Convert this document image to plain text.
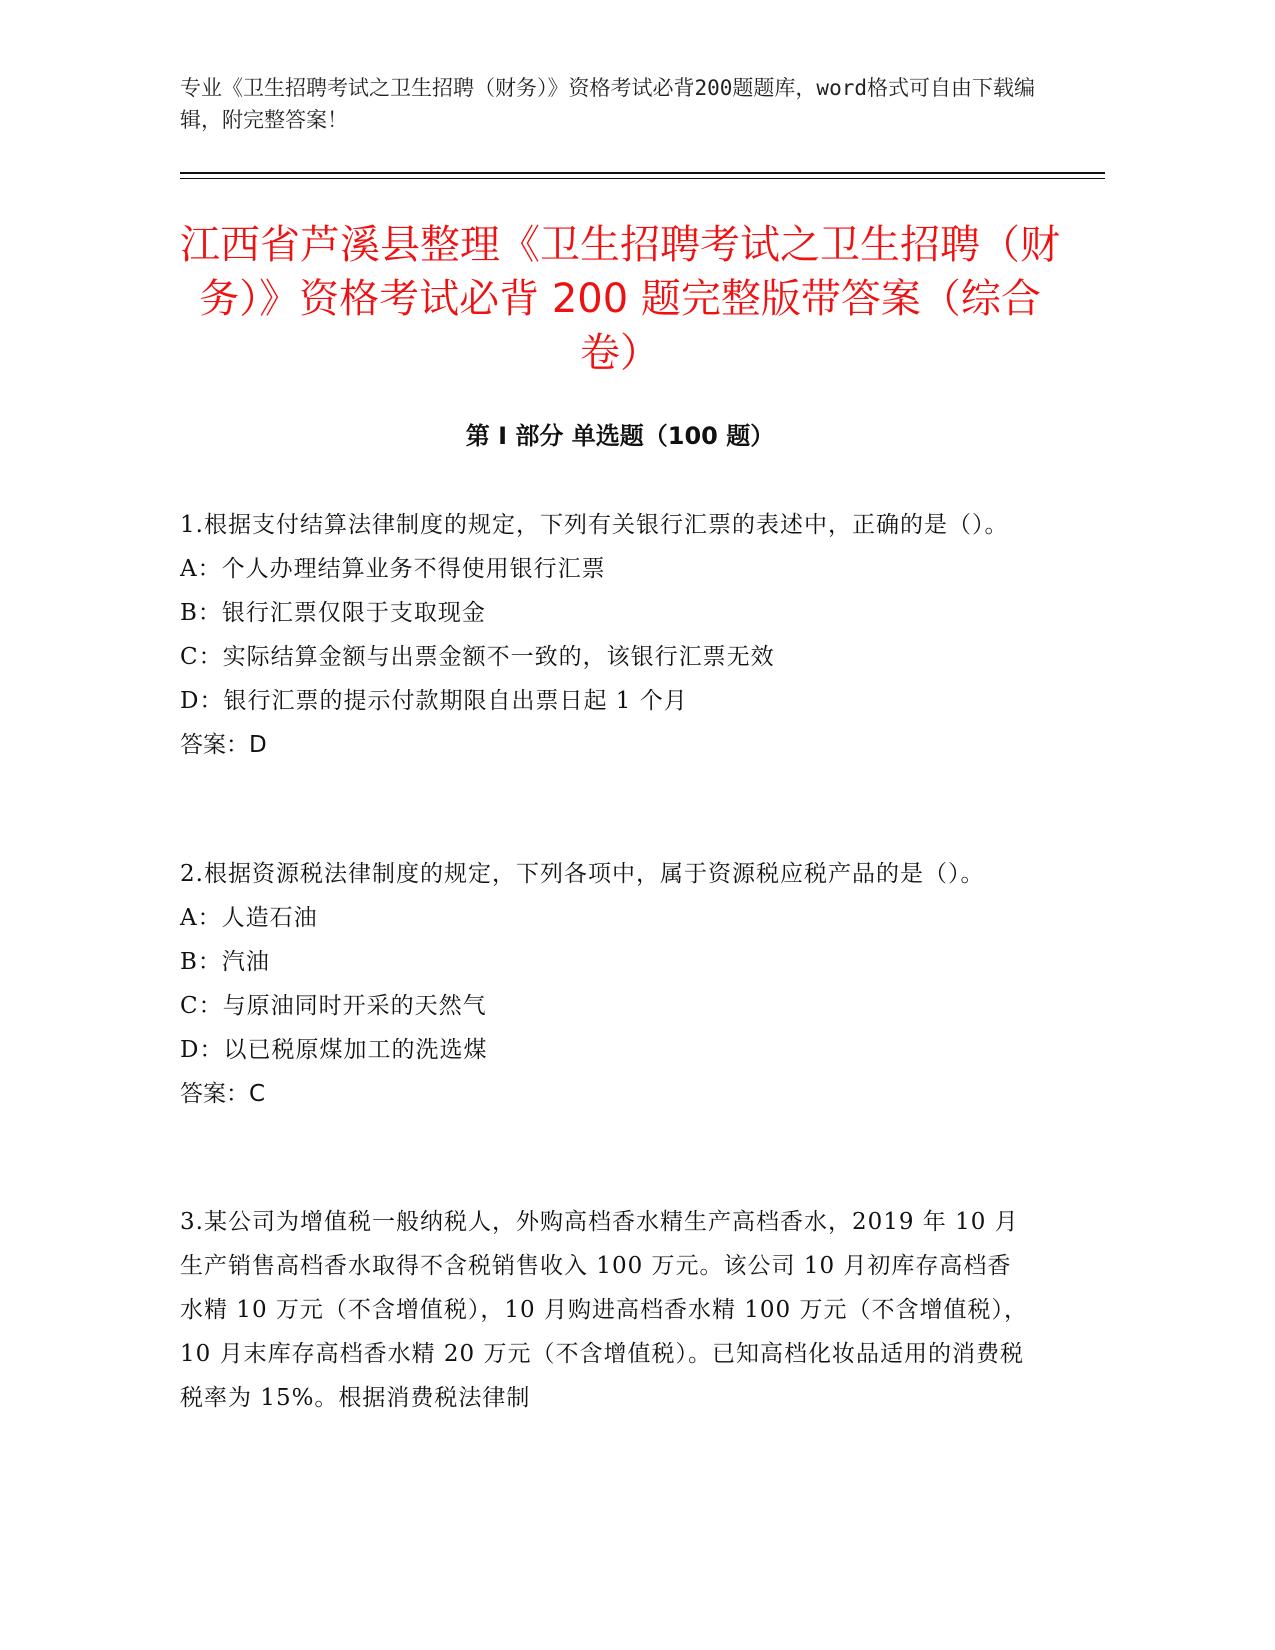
专业《卫生招聘考试之卫生招聘（财务）》资格考试必背200题题库，word格式可自由下载编辑，附完整答案！
江西省芦溪县整理《卫生招聘考试之卫生招聘（财务）》资格考试必背 200 题完整版带答案（综合卷）
第 I 部分 单选题（100 题）

1.根据支付结算法律制度的规定，下列有关银行汇票的表述中，正确的是（）。

A：个人办理结算业务不得使用银行汇票

B：银行汇票仅限于支取现金

C：实际结算金额与出票金额不一致的，该银行汇票无效

D：银行汇票的提示付款期限自出票日起 1 个月

答案：D

2.根据资源税法律制度的规定，下列各项中，属于资源税应税产品的是（）。

A：人造石油

B：汽油

C：与原油同时开采的天然气

D：以已税原煤加工的洗选煤

答案：C

3.某公司为增值税一般纳税人，外购高档香水精生产高档香水，2019 年 10 月生产销售高档香水取得不含税销售收入 100 万元。该公司 10 月初库存高档香水精 10 万元（不含增值税），10 月购进高档香水精 100 万元（不含增值税），10 月末库存高档香水精 20 万元（不含增值税）。已知高档化妆品适用的消费税税率为 15%。根据消费税法律制
